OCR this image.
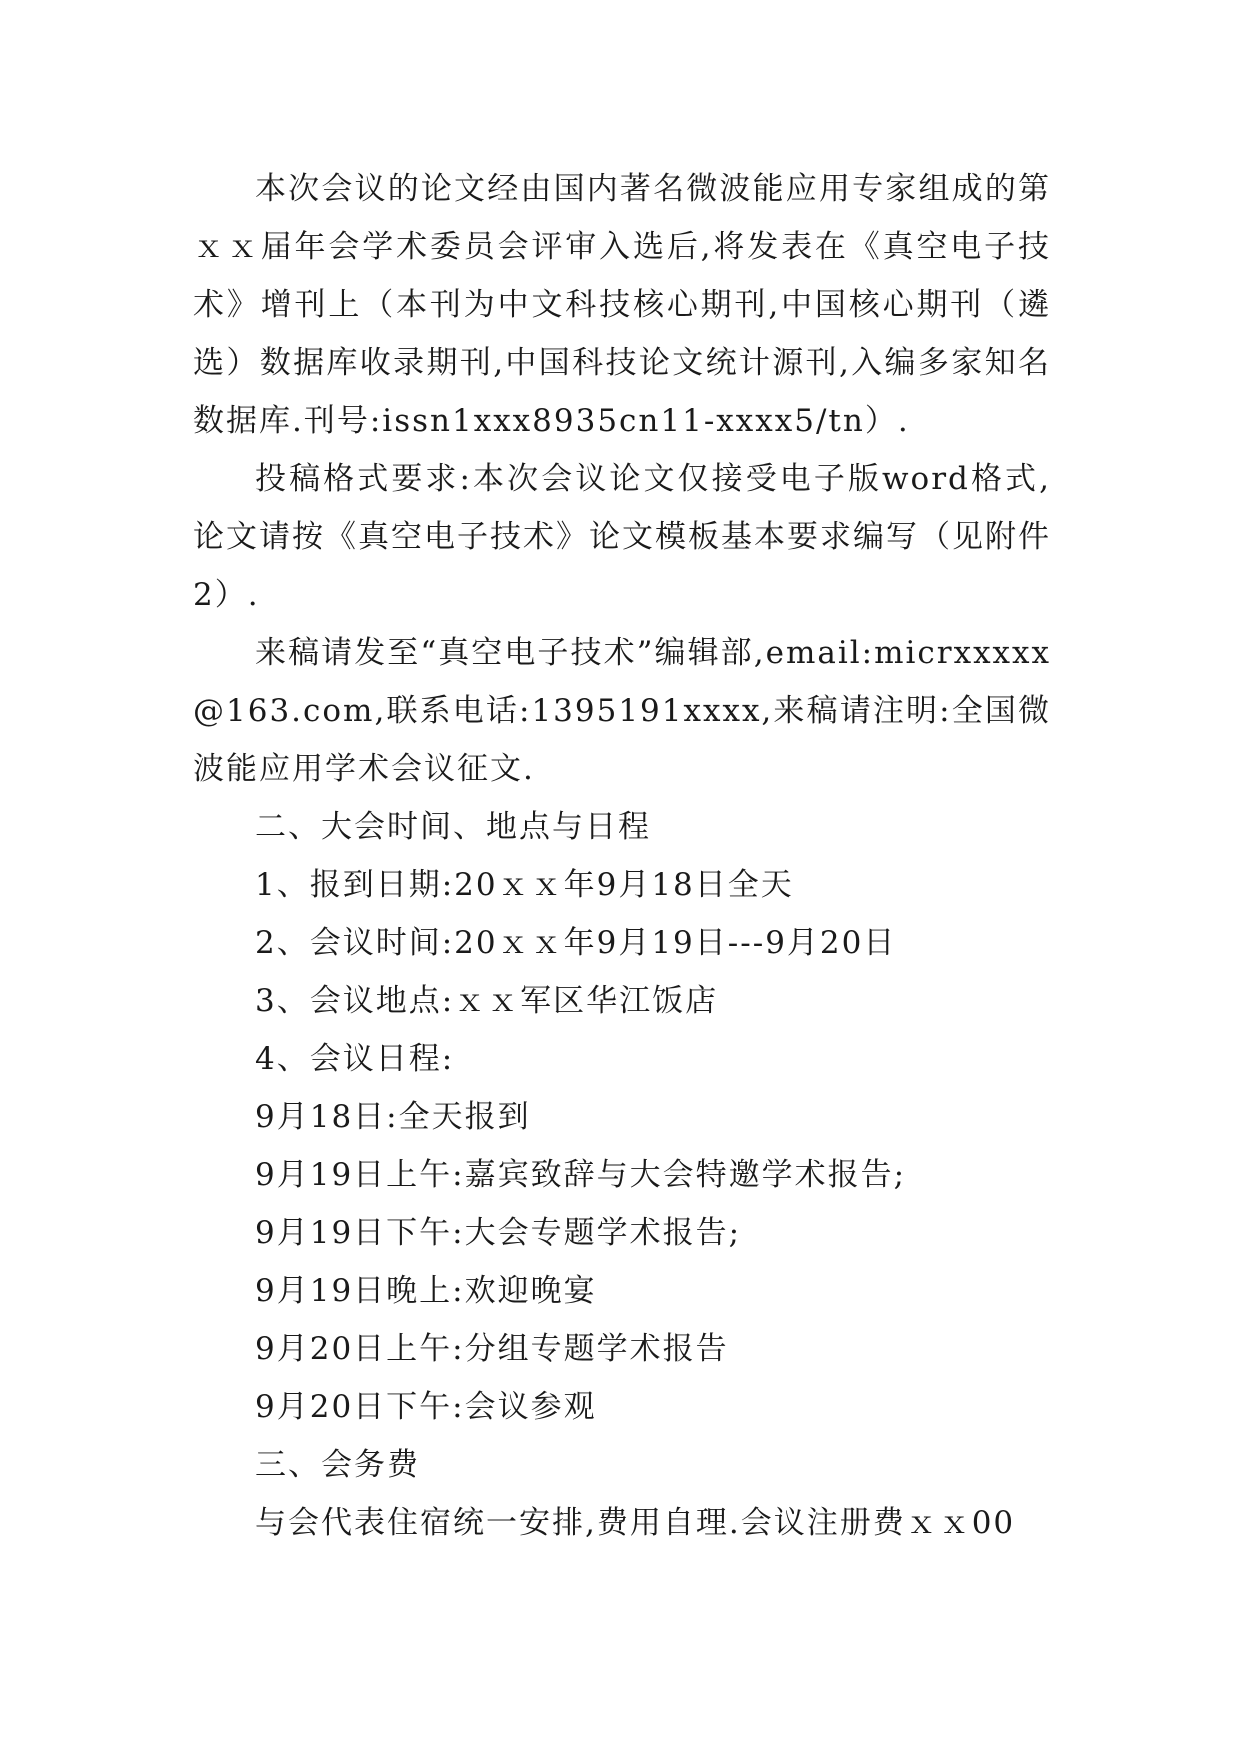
本次会议的论文经由国内著名微波能应用专家组成的第ｘｘ届年会学术委员会评审入选后,将发表在《真空电子技术》增刊上（本刊为中文科技核心期刊,中国核心期刊（遴选）数据库收录期刊,中国科技论文统计源刊,入编多家知名数据库.刊号:issn1xxx8935cn11-xxxx5/tn）.

投稿格式要求:本次会议论文仅接受电子版word格式,论文请按《真空电子技术》论文模板基本要求编写（见附件2）.

来稿请发至“真空电子技术”编辑部,email:micrxxxxx@163.com,联系电话:1395191xxxx,来稿请注明:全国微波能应用学术会议征文.

二、大会时间、地点与日程

1、报到日期:20ｘｘ年9月18日全天

2、会议时间:20ｘｘ年9月19日---9月20日

3、会议地点:ｘｘ军区华江饭店

4、会议日程:

9月18日:全天报到

9月19日上午:嘉宾致辞与大会特邀学术报告;

9月19日下午:大会专题学术报告;

9月19日晚上:欢迎晚宴

9月20日上午:分组专题学术报告

9月20日下午:会议参观

三、会务费

与会代表住宿统一安排,费用自理.会议注册费ｘｘ00
